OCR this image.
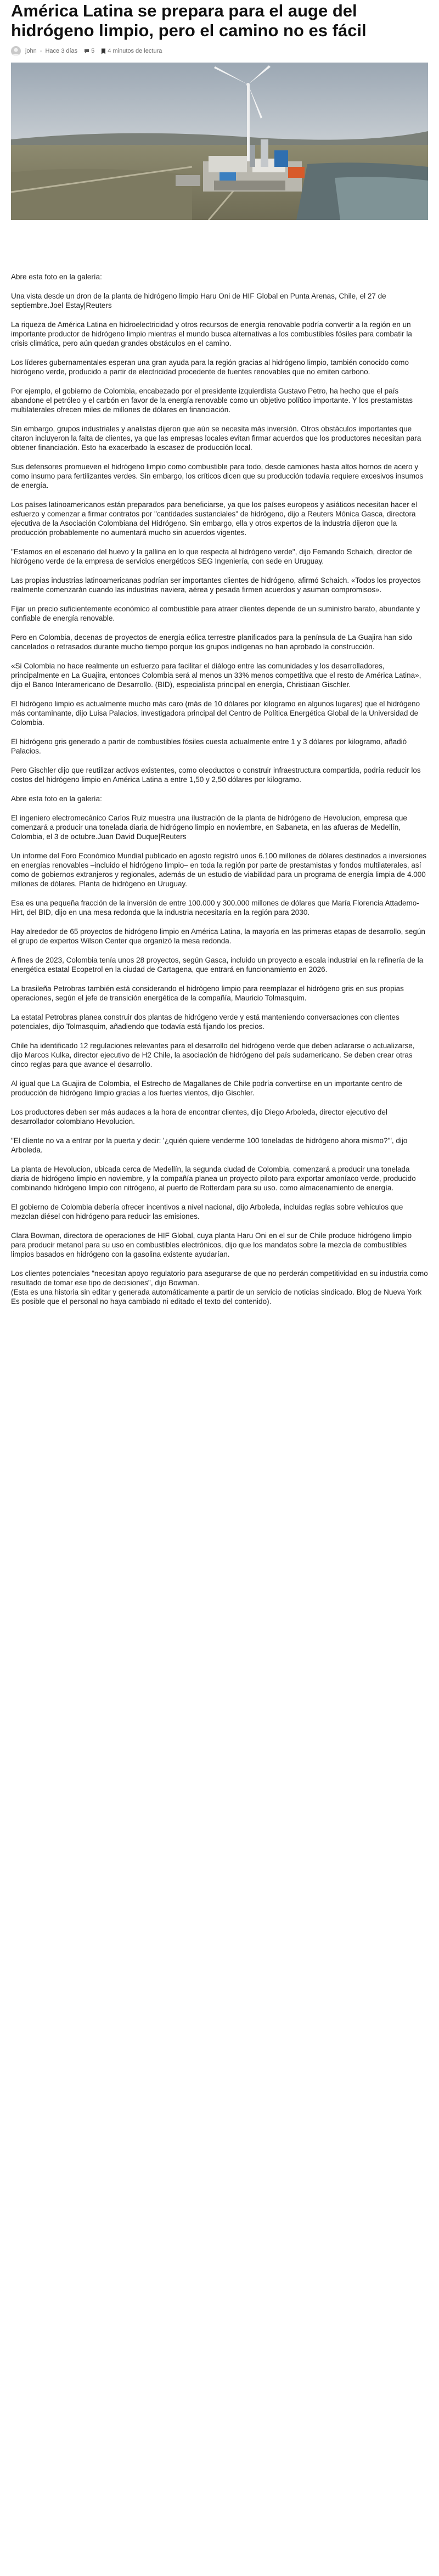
América Latina se prepara para el auge del hidrógeno limpio, pero el camino no es fácil
john - Hace 3 días 5 4 minutos de lectura

Abre esta foto en la galería:

Una vista desde un dron de la planta de hidrógeno limpio Haru Oni de HIF Global en Punta Arenas, Chile, el 27 de septiembre.Joel Estay|Reuters

La riqueza de América Latina en hidroelectricidad y otros recursos de energía renovable podría convertir a la región en un importante productor de hidrógeno limpio mientras el mundo busca alternativas a los combustibles fósiles para combatir la crisis climática, pero aún quedan grandes obstáculos en el camino.

Los líderes gubernamentales esperan una gran ayuda para la región gracias al hidrógeno limpio, también conocido como hidrógeno verde, producido a partir de electricidad procedente de fuentes renovables que no emiten carbono.

Por ejemplo, el gobierno de Colombia, encabezado por el presidente izquierdista Gustavo Petro, ha hecho que el país abandone el petróleo y el carbón en favor de la energía renovable como un objetivo político importante. Y los prestamistas multilaterales ofrecen miles de millones de dólares en financiación.

Sin embargo, grupos industriales y analistas dijeron que aún se necesita más inversión. Otros obstáculos importantes que citaron incluyeron la falta de clientes, ya que las empresas locales evitan firmar acuerdos que los productores necesitan para obtener financiación. Esto ha exacerbado la escasez de producción local.

Sus defensores promueven el hidrógeno limpio como combustible para todo, desde camiones hasta altos hornos de acero y como insumo para fertilizantes verdes. Sin embargo, los críticos dicen que su producción todavía requiere excesivos insumos de energía.

Los países latinoamericanos están preparados para beneficiarse, ya que los países europeos y asiáticos necesitan hacer el esfuerzo y comenzar a firmar contratos por "cantidades sustanciales" de hidrógeno, dijo a Reuters Mónica Gasca, directora ejecutiva de la Asociación Colombiana del Hidrógeno. Sin embargo, ella y otros expertos de la industria dijeron que la producción probablemente no aumentará mucho sin acuerdos vigentes.

"Estamos en el escenario del huevo y la gallina en lo que respecta al hidrógeno verde", dijo Fernando Schaich, director de hidrógeno verde de la empresa de servicios energéticos SEG Ingeniería, con sede en Uruguay.

Las propias industrias latinoamericanas podrían ser importantes clientes de hidrógeno, afirmó Schaich. «Todos los proyectos realmente comenzarán cuando las industrias naviera, aérea y pesada firmen acuerdos y asuman compromisos».

Fijar un precio suficientemente económico al combustible para atraer clientes depende de un suministro barato, abundante y confiable de energía renovable.

Pero en Colombia, decenas de proyectos de energía eólica terrestre planificados para la península de La Guajira han sido cancelados o retrasados durante mucho tiempo porque los grupos indígenas no han aprobado la construcción.

«Si Colombia no hace realmente un esfuerzo para facilitar el diálogo entre las comunidades y los desarrolladores, principalmente en La Guajira, entonces Colombia será al menos un 33% menos competitiva que el resto de América Latina», dijo el Banco Interamericano de Desarrollo. (BID), especialista principal en energía, Christiaan Gischler.

El hidrógeno limpio es actualmente mucho más caro (más de 10 dólares por kilogramo en algunos lugares) que el hidrógeno más contaminante, dijo Luisa Palacios, investigadora principal del Centro de Política Energética Global de la Universidad de Colombia.

El hidrógeno gris generado a partir de combustibles fósiles cuesta actualmente entre 1 y 3 dólares por kilogramo, añadió Palacios.

Pero Gischler dijo que reutilizar activos existentes, como oleoductos o construir infraestructura compartida, podría reducir los costos del hidrógeno limpio en América Latina a entre 1,50 y 2,50 dólares por kilogramo.

Abre esta foto en la galería:

El ingeniero electromecánico Carlos Ruiz muestra una ilustración de la planta de hidrógeno de Hevolucion, empresa que comenzará a producir una tonelada diaria de hidrógeno limpio en noviembre, en Sabaneta, en las afueras de Medellín, Colombia, el 3 de octubre.Juan David Duque|Reuters

Un informe del Foro Económico Mundial publicado en agosto registró unos 6.100 millones de dólares destinados a inversiones en energías renovables –incluido el hidrógeno limpio– en toda la región por parte de prestamistas y fondos multilaterales, así como de gobiernos extranjeros y regionales, además de un estudio de viabilidad para un programa de energía limpia de 4.000 millones de dólares. Planta de hidrógeno en Uruguay.

Esa es una pequeña fracción de la inversión de entre 100.000 y 300.000 millones de dólares que María Florencia Attademo-Hirt, del BID, dijo en una mesa redonda que la industria necesitaría en la región para 2030.

Hay alrededor de 65 proyectos de hidrógeno limpio en América Latina, la mayoría en las primeras etapas de desarrollo, según el grupo de expertos Wilson Center que organizó la mesa redonda.

A fines de 2023, Colombia tenía unos 28 proyectos, según Gasca, incluido un proyecto a escala industrial en la refinería de la energética estatal Ecopetrol en la ciudad de Cartagena, que entrará en funcionamiento en 2026.

La brasileña Petrobras también está considerando el hidrógeno limpio para reemplazar el hidrógeno gris en sus propias operaciones, según el jefe de transición energética de la compañía, Mauricio Tolmasquim.

La estatal Petrobras planea construir dos plantas de hidrógeno verde y está manteniendo conversaciones con clientes potenciales, dijo Tolmasquim, añadiendo que todavía está fijando los precios.

Chile ha identificado 12 regulaciones relevantes para el desarrollo del hidrógeno verde que deben aclararse o actualizarse, dijo Marcos Kulka, director ejecutivo de H2 Chile, la asociación de hidrógeno del país sudamericano. Se deben crear otras cinco reglas para que avance el desarrollo.

Al igual que La Guajira de Colombia, el Estrecho de Magallanes de Chile podría convertirse en un importante centro de producción de hidrógeno limpio gracias a los fuertes vientos, dijo Gischler.

Los productores deben ser más audaces a la hora de encontrar clientes, dijo Diego Arboleda, director ejecutivo del desarrollador colombiano Hevolucion.

"El cliente no va a entrar por la puerta y decir: '¿quién quiere venderme 100 toneladas de hidrógeno ahora mismo?'", dijo Arboleda.

La planta de Hevolucion, ubicada cerca de Medellín, la segunda ciudad de Colombia, comenzará a producir una tonelada diaria de hidrógeno limpio en noviembre, y la compañía planea un proyecto piloto para exportar amoníaco verde, producido combinando hidrógeno limpio con nitrógeno, al puerto de Rotterdam para su uso. como almacenamiento de energía.

El gobierno de Colombia debería ofrecer incentivos a nivel nacional, dijo Arboleda, incluidas reglas sobre vehículos que mezclan diésel con hidrógeno para reducir las emisiones.

Clara Bowman, directora de operaciones de HIF Global, cuya planta Haru Oni en el sur de Chile produce hidrógeno limpio para producir metanol para su uso en combustibles electrónicos, dijo que los mandatos sobre la mezcla de combustibles limpios basados en hidrógeno con la gasolina existente ayudarían.

Los clientes potenciales "necesitan apoyo regulatorio para asegurarse de que no perderán competitividad en su industria como resultado de tomar ese tipo de decisiones", dijo Bowman.
(Esta es una historia sin editar y generada automáticamente a partir de un servicio de noticias sindicado. Blog de Nueva York Es posible que el personal no haya cambiado ni editado el texto del contenido).
